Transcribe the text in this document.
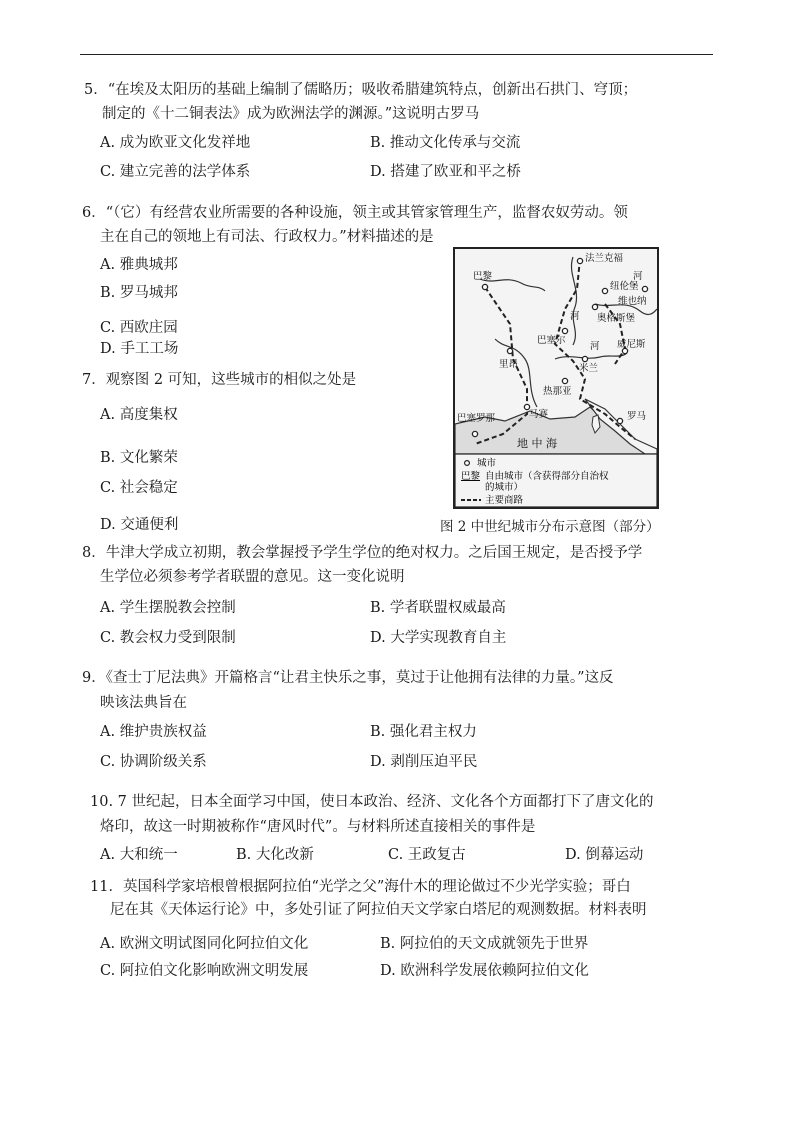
5．“在埃及太阳历的基础上编制了儒略历；吸收希腊建筑特点，创新出石拱门、穹顶；
制定的《十二铜表法》成为欧洲法学的渊源。”这说明古罗马
A. 成为欧亚文化发祥地	B. 推动文化传承与交流
C. 建立完善的法学体系	D. 搭建了欧亚和平之桥
6．“（它）有经营农业所需要的各种设施，领主或其管家管理生产，监督农奴劳动。领
主在自己的领地上有司法、行政权力。”材料描述的是
A. 雅典城邦
B. 罗马城邦
C. 西欧庄园
D. 手工工场
7．观察图 2 可知，这些城市的相似之处是
A. 高度集权
B. 文化繁荣
C. 社会稳定
D. 交通便利
法兰克福
巴黎
纽伦堡
奥格斯堡
巴塞尔
维也纳
里昂	米兰
威尼斯
热那亚
马赛
巴塞罗那	罗马
河
河
河
地 中 海
城市
巴黎 自由城市（含获得部分自治权
的城市）
主要商路
图 2 中世纪城市分布示意图（部分）
8．牛津大学成立初期，教会掌握授予学生学位的绝对权力。之后国王规定，是否授予学
生学位必须参考学者联盟的意见。这一变化说明
A. 学生摆脱教会控制	B. 学者联盟权威最高
C. 教会权力受到限制	D. 大学实现教育自主
9．《查士丁尼法典》开篇格言“让君主快乐之事，莫过于让他拥有法律的力量。”这反
映该法典旨在
A. 维护贵族权益	B. 强化君主权力
C. 协调阶级关系	D. 剥削压迫平民
10. 7 世纪起，日本全面学习中国，使日本政治、经济、文化各个方面都打下了唐文化的
烙印，故这一时期被称作“唐风时代”。与材料所述直接相关的事件是
A. 大和统一	B. 大化改新	C. 王政复古	D. 倒幕运动
11．英国科学家培根曾根据阿拉伯“光学之父”海什木的理论做过不少光学实验；哥白
尼在其《天体运行论》中，多处引证了阿拉伯天文学家白塔尼的观测数据。材料表明
A. 欧洲文明试图同化阿拉伯文化	B. 阿拉伯的天文成就领先于世界
C. 阿拉伯文化影响欧洲文明发展	D. 欧洲科学发展依赖阿拉伯文化
